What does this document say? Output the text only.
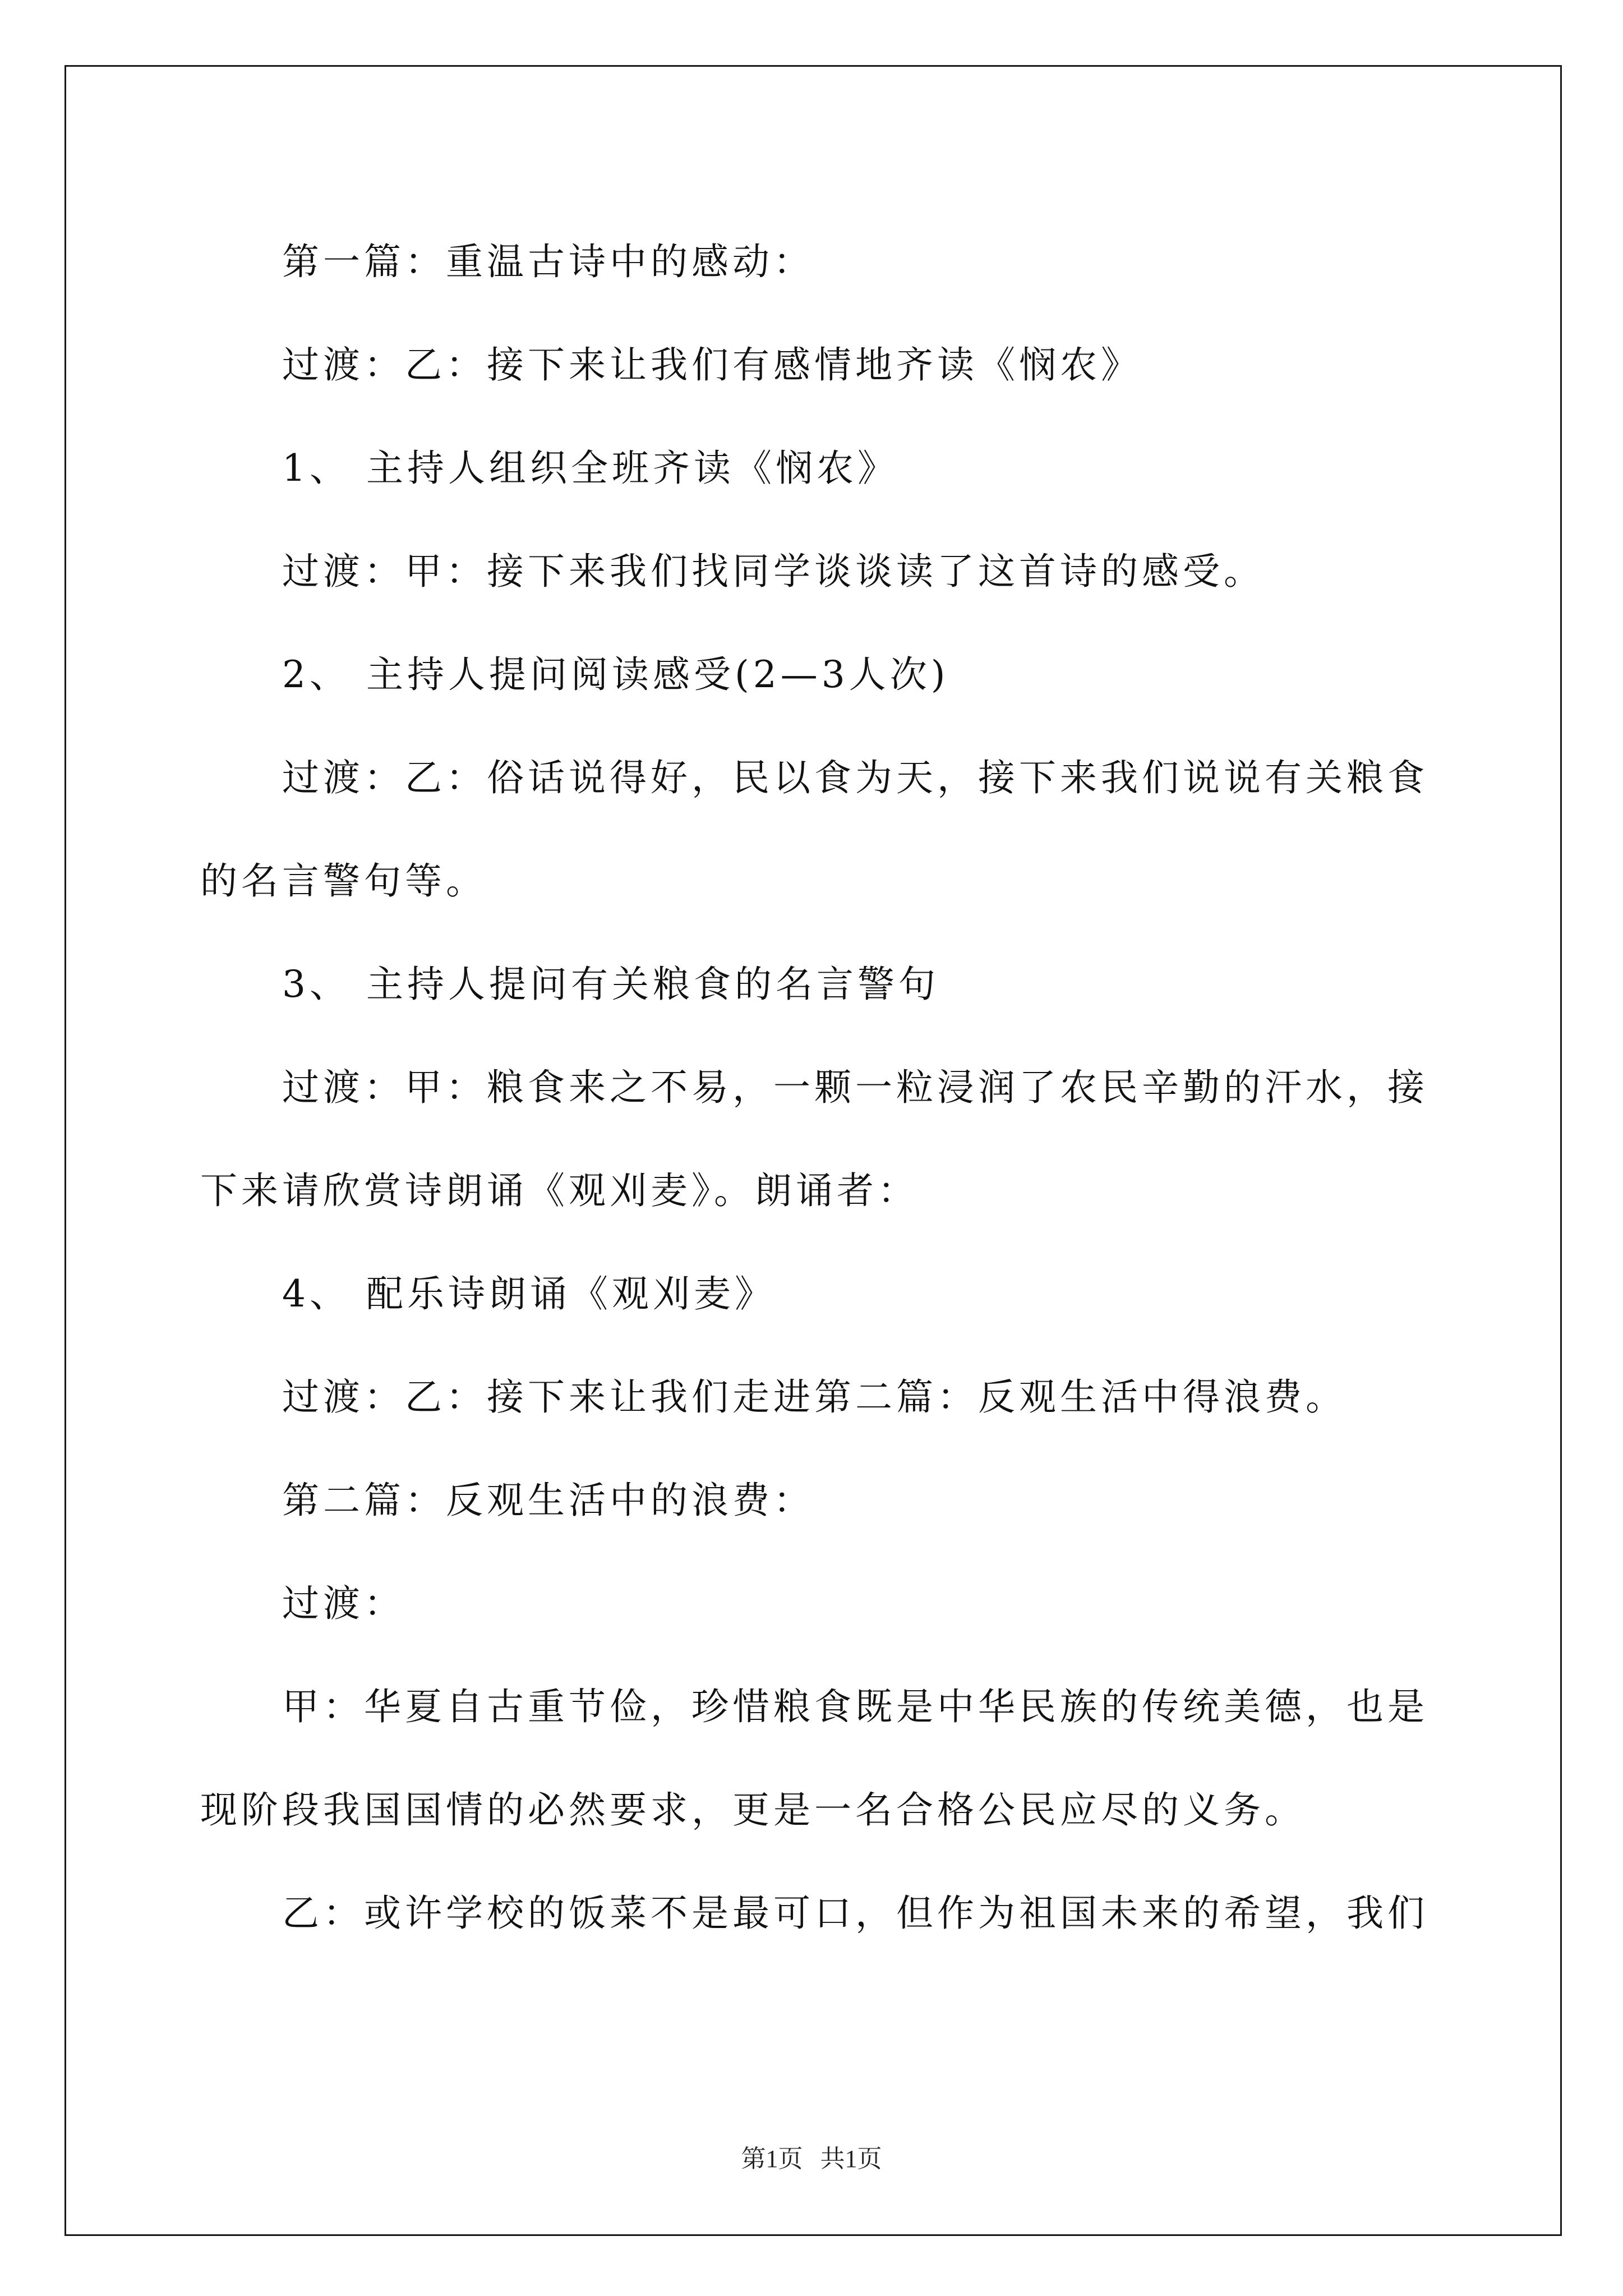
第一篇：重温古诗中的感动：

过渡：乙：接下来让我们有感情地齐读《悯农》

1、 主持人组织全班齐读《悯农》

过渡：甲：接下来我们找同学谈谈读了这首诗的感受。

2、 主持人提问阅读感受(2—3人次)

过渡：乙：俗话说得好，民以食为天，接下来我们说说有关粮食的名言警句等。

3、 主持人提问有关粮食的名言警句

过渡：甲：粮食来之不易，一颗一粒浸润了农民辛勤的汗水，接下来请欣赏诗朗诵《观刈麦》。朗诵者：

4、 配乐诗朗诵《观刈麦》

过渡：乙：接下来让我们走进第二篇：反观生活中得浪费。

第二篇：反观生活中的浪费：

过渡：

甲：华夏自古重节俭，珍惜粮食既是中华民族的传统美德，也是现阶段我国国情的必然要求，更是一名合格公民应尽的义务。

乙：或许学校的饭菜不是最可口，但作为祖国未来的希望，我们

第1页 共1页
